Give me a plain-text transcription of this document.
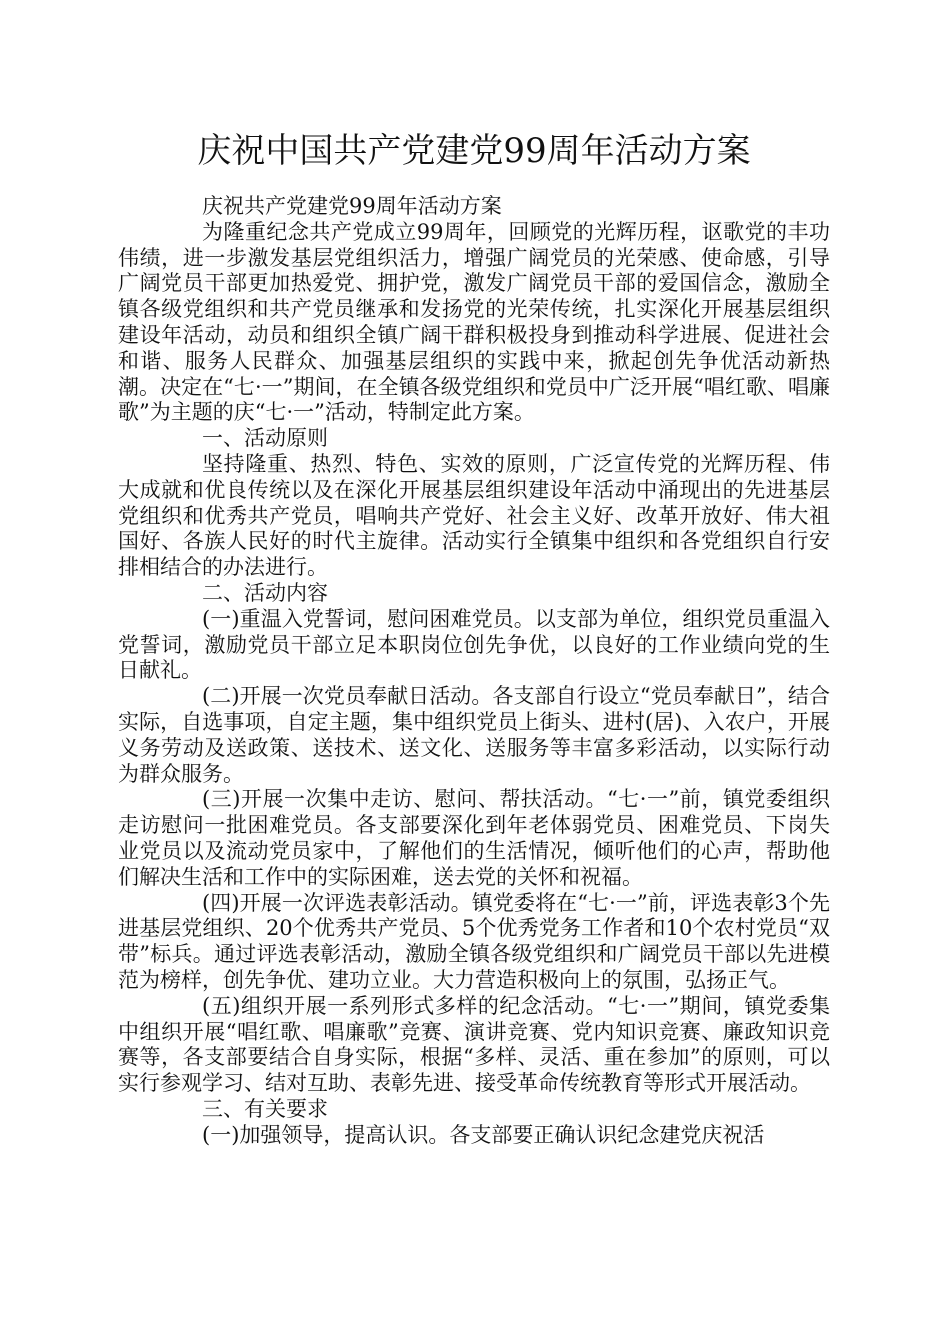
庆祝中国共产党建党99周年活动方案

庆祝共产党建党99周年活动方案

为隆重纪念共产党成立99周年，回顾党的光辉历程，讴歌党的丰功伟绩，进一步激发基层党组织活力，增强广阔党员的光荣感、使命感，引导广阔党员干部更加热爱党、拥护党，激发广阔党员干部的爱国信念，激励全镇各级党组织和共产党员继承和发扬党的光荣传统，扎实深化开展基层组织建设年活动，动员和组织全镇广阔干群积极投身到推动科学进展、促进社会和谐、服务人民群众、加强基层组织的实践中来，掀起创先争优活动新热潮。决定在“七·一”期间，在全镇各级党组织和党员中广泛开展“唱红歌、唱廉歌”为主题的庆“七·一”活动，特制定此方案。

一、活动原则

坚持隆重、热烈、特色、实效的原则，广泛宣传党的光辉历程、伟大成就和优良传统以及在深化开展基层组织建设年活动中涌现出的先进基层党组织和优秀共产党员，唱响共产党好、社会主义好、改革开放好、伟大祖国好、各族人民好的时代主旋律。活动实行全镇集中组织和各党组织自行安排相结合的办法进行。

二、活动内容

(一)重温入党誓词，慰问困难党员。以支部为单位，组织党员重温入党誓词，激励党员干部立足本职岗位创先争优，以良好的工作业绩向党的生日献礼。

(二)开展一次党员奉献日活动。各支部自行设立“党员奉献日”，结合实际，自选事项，自定主题，集中组织党员上街头、进村(居)、入农户，开展义务劳动及送政策、送技术、送文化、送服务等丰富多彩活动，以实际行动为群众服务。

(三)开展一次集中走访、慰问、帮扶活动。“七·一”前，镇党委组织走访慰问一批困难党员。各支部要深化到年老体弱党员、困难党员、下岗失业党员以及流动党员家中，了解他们的生活情况，倾听他们的心声，帮助他们解决生活和工作中的实际困难，送去党的关怀和祝福。

(四)开展一次评选表彰活动。镇党委将在“七·一”前，评选表彰3个先进基层党组织、20个优秀共产党员、5个优秀党务工作者和10个农村党员“双带”标兵。通过评选表彰活动，激励全镇各级党组织和广阔党员干部以先进模范为榜样，创先争优、建功立业。大力营造积极向上的氛围，弘扬正气。

(五)组织开展一系列形式多样的纪念活动。“七·一”期间，镇党委集中组织开展“唱红歌、唱廉歌”竞赛、演讲竞赛、党内知识竞赛、廉政知识竞赛等，各支部要结合自身实际，根据“多样、灵活、重在参加”的原则，可以实行参观学习、结对互助、表彰先进、接受革命传统教育等形式开展活动。

三、有关要求

(一)加强领导，提高认识。各支部要正确认识纪念建党庆祝活
